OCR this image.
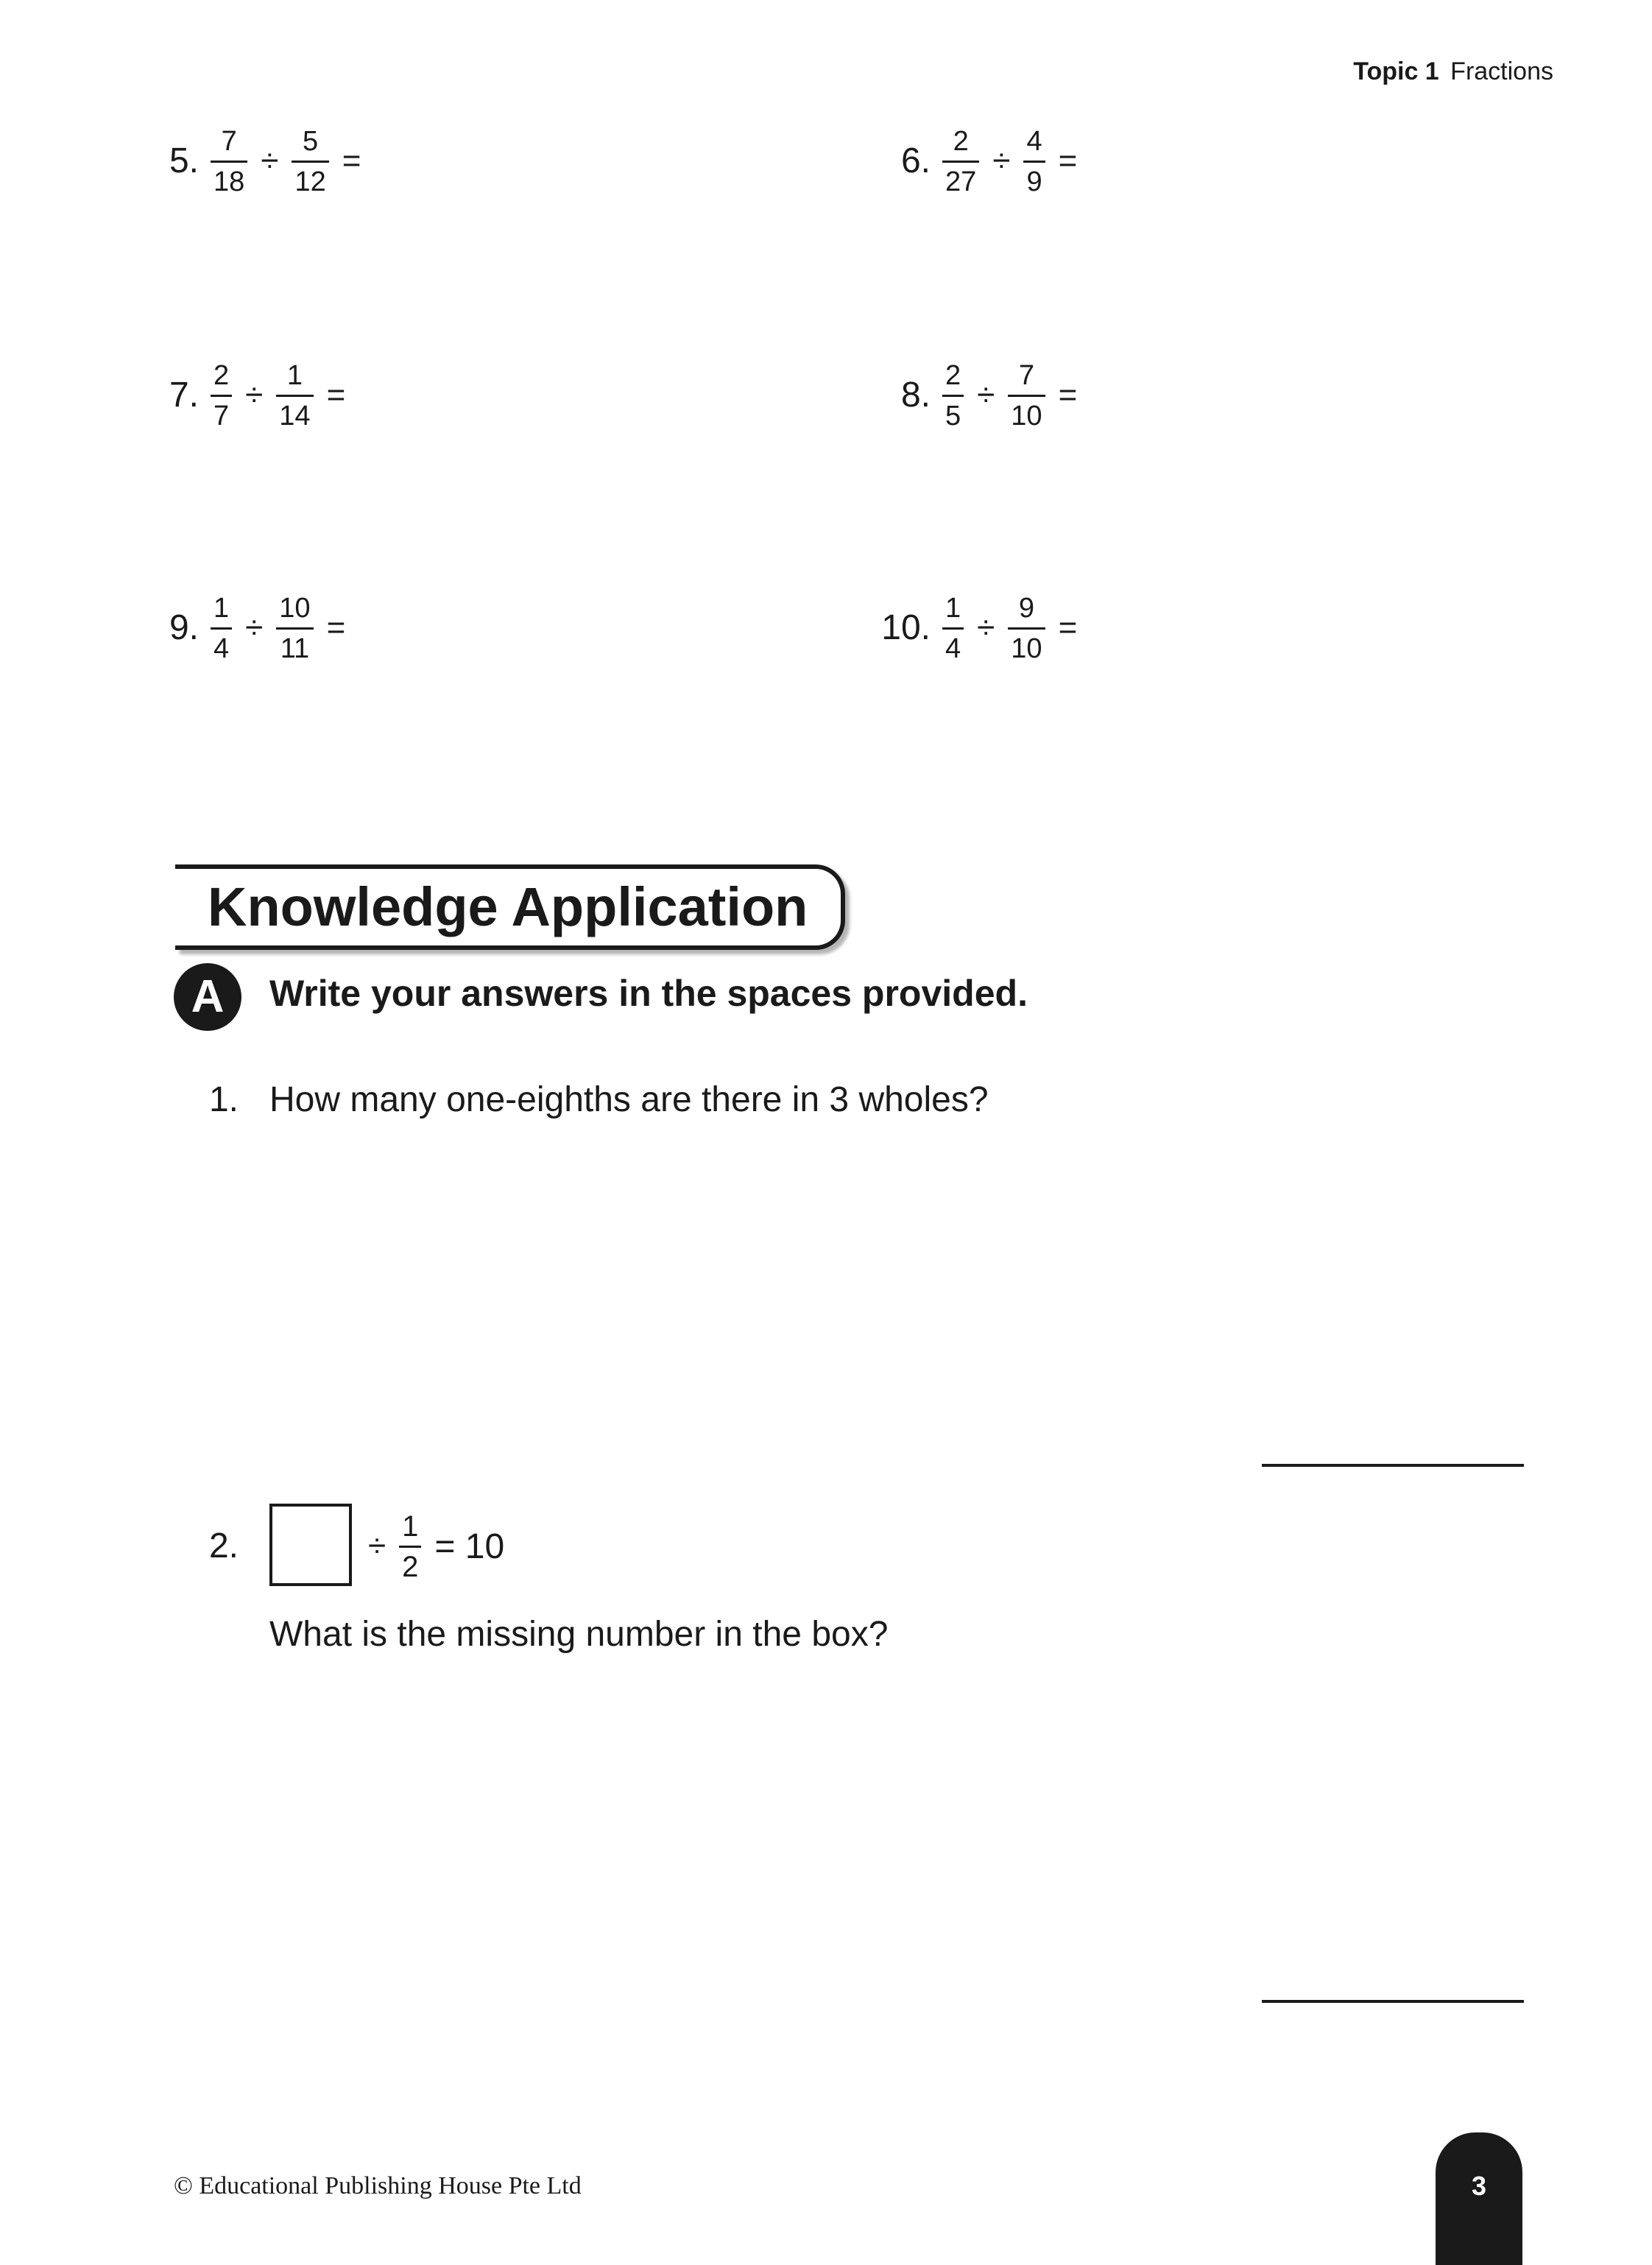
Topic 1 Fractions
5. $\frac{7}{18} \div \frac{5}{12}$ =	6. $\frac{2}{27} \div \frac{4}{9}$ =
7. $\frac{2}{7} \div \frac{1}{14}$ =	8. $\frac{2}{5} \div \frac{7}{10}$ =
9. $\frac{1}{4} \div \frac{10}{11}$ =	10. $\frac{1}{4} \div \frac{9}{10}$ =
Knowledge Application
A	Write your answers in the spaces provided.
1. How many one-eighths are there in 3 wholes?
2.	÷ $\frac{1}{2} = 10$
What is the missing number in the box?
© Educational Publishing House Pte Ltd	3
